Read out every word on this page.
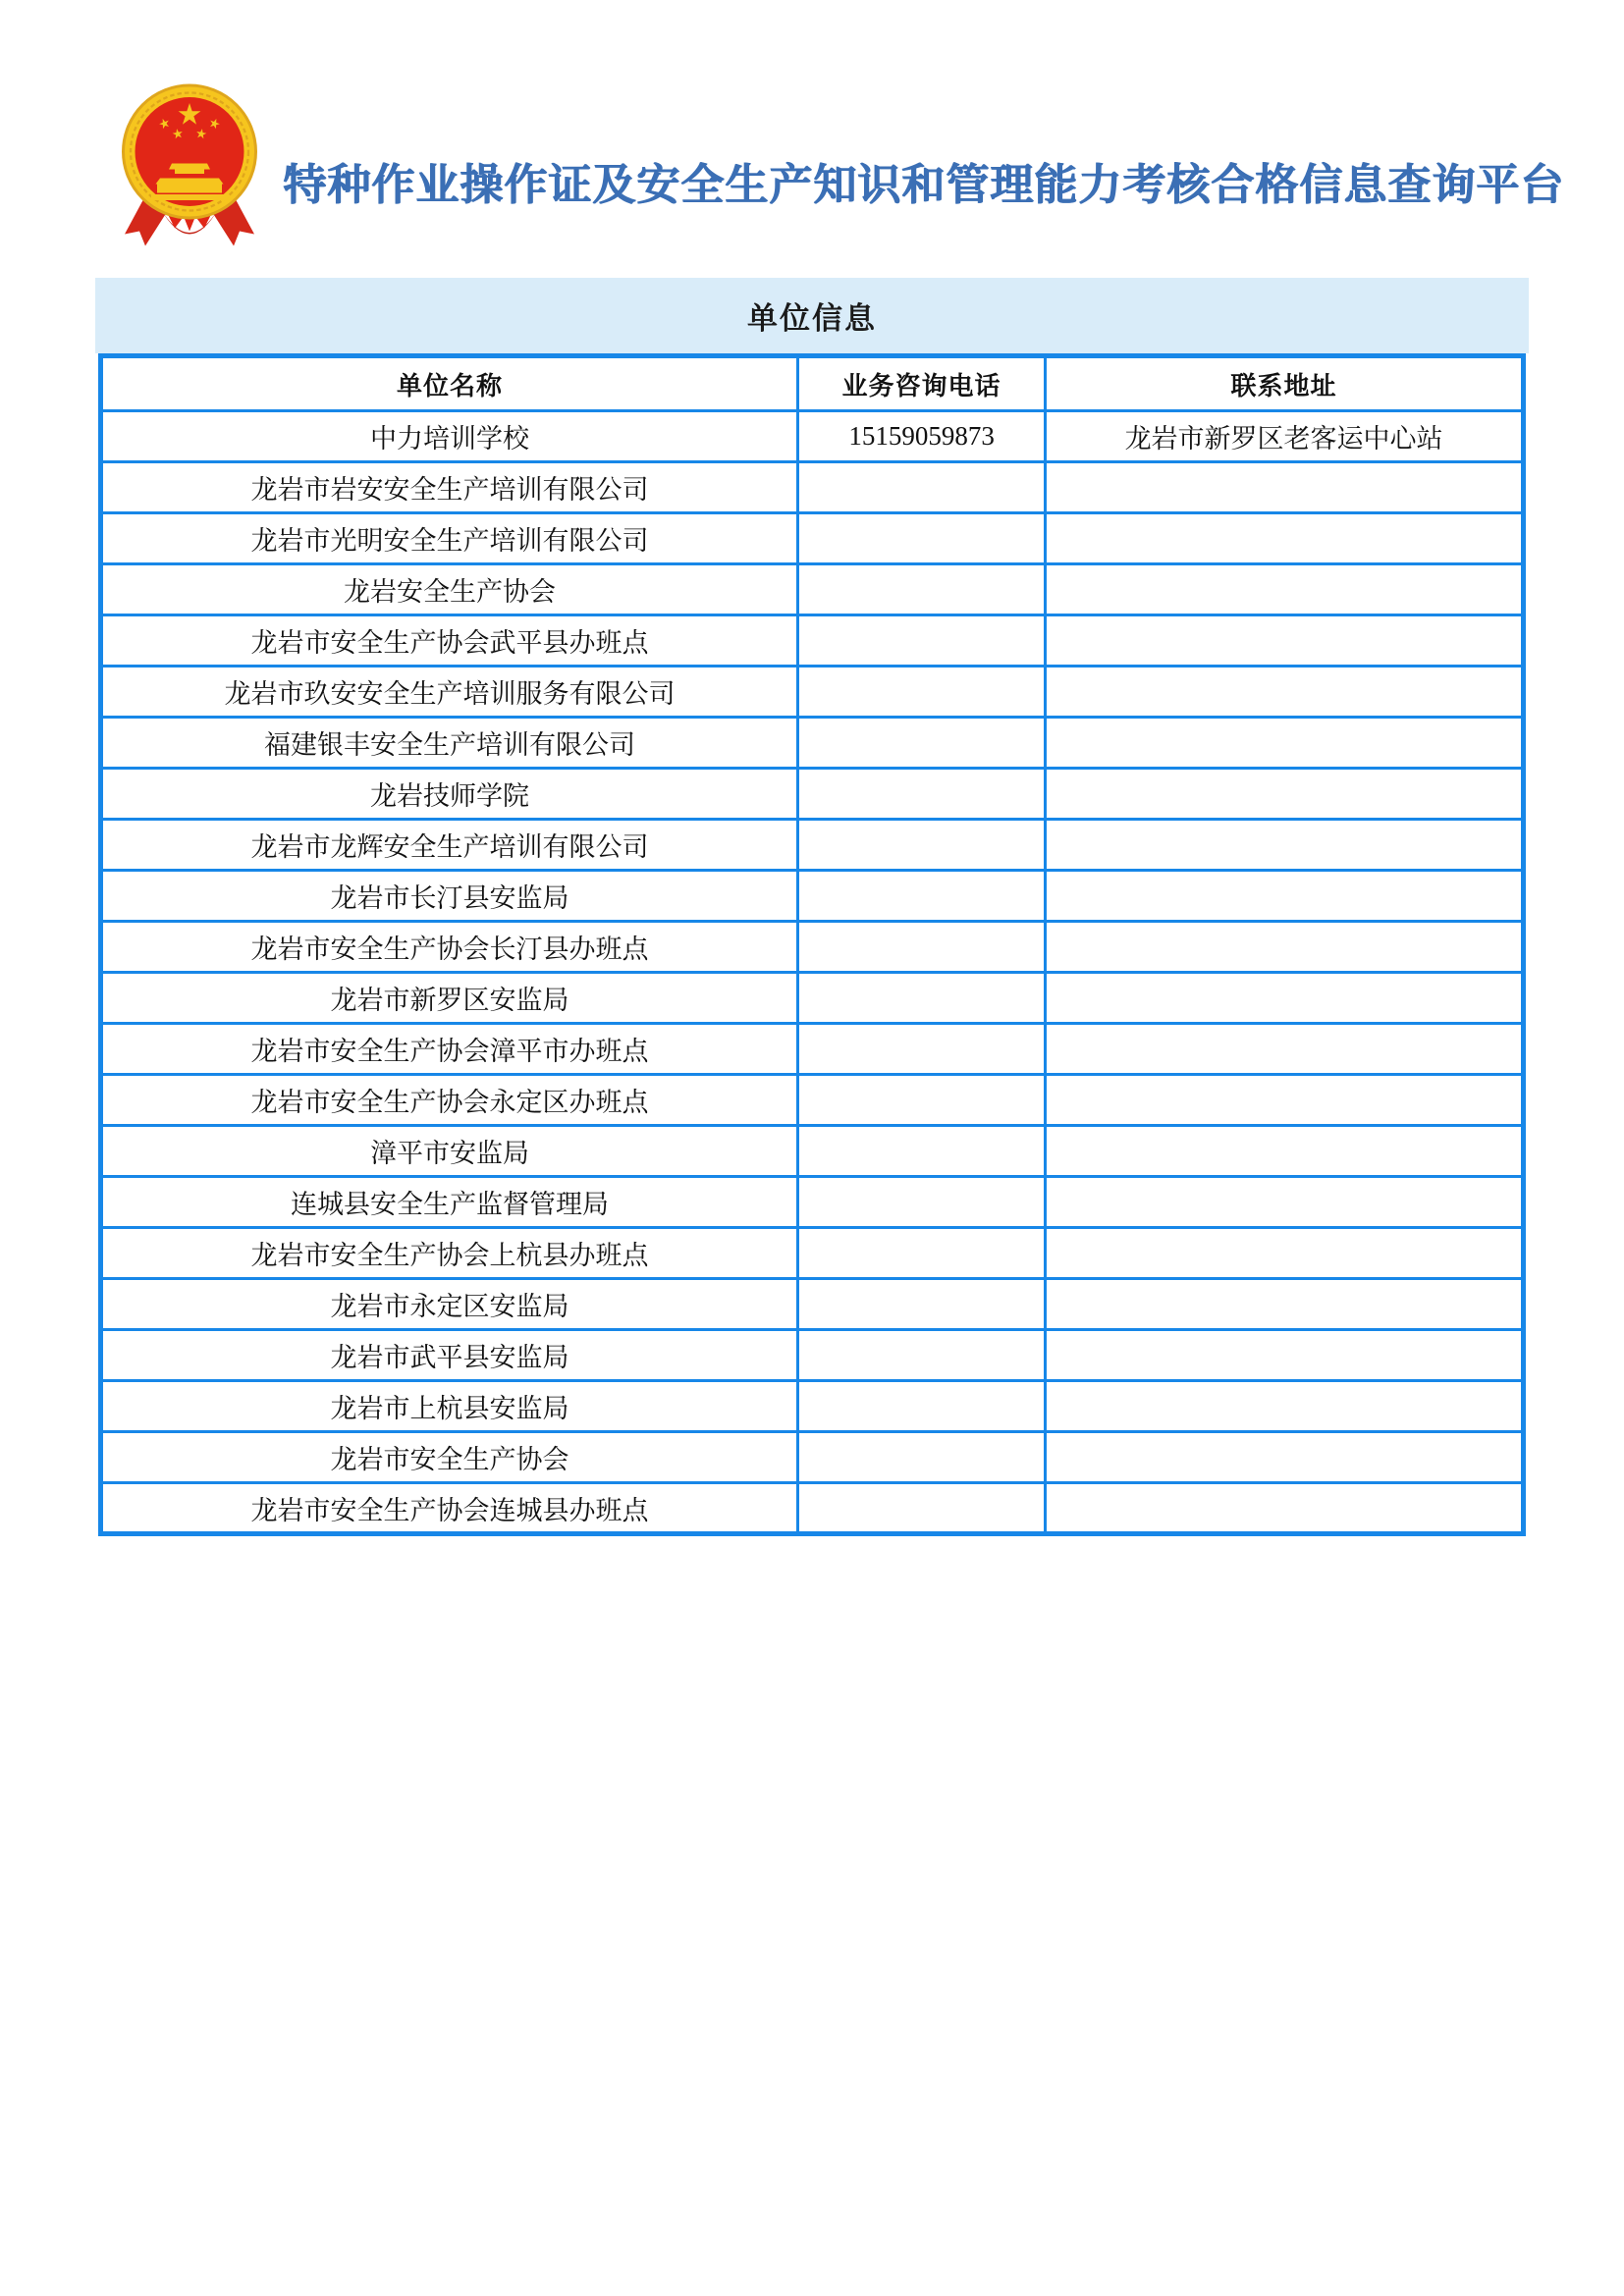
特种作业操作证及安全生产知识和管理能力考核合格信息查询平台
单位信息
单位名称	业务咨询电话	联系地址
中力培训学校	15159059873	龙岩市新罗区老客运中心站
龙岩市岩安安全生产培训有限公司		
龙岩市光明安全生产培训有限公司		
龙岩安全生产协会		
龙岩市安全生产协会武平县办班点		
龙岩市玖安安全生产培训服务有限公司		
福建银丰安全生产培训有限公司		
龙岩技师学院		
龙岩市龙辉安全生产培训有限公司		
龙岩市长汀县安监局		
龙岩市安全生产协会长汀县办班点		
龙岩市新罗区安监局		
龙岩市安全生产协会漳平市办班点		
龙岩市安全生产协会永定区办班点		
漳平市安监局		
连城县安全生产监督管理局		
龙岩市安全生产协会上杭县办班点		
龙岩市永定区安监局		
龙岩市武平县安监局		
龙岩市上杭县安监局		
龙岩市安全生产协会		
龙岩市安全生产协会连城县办班点		
